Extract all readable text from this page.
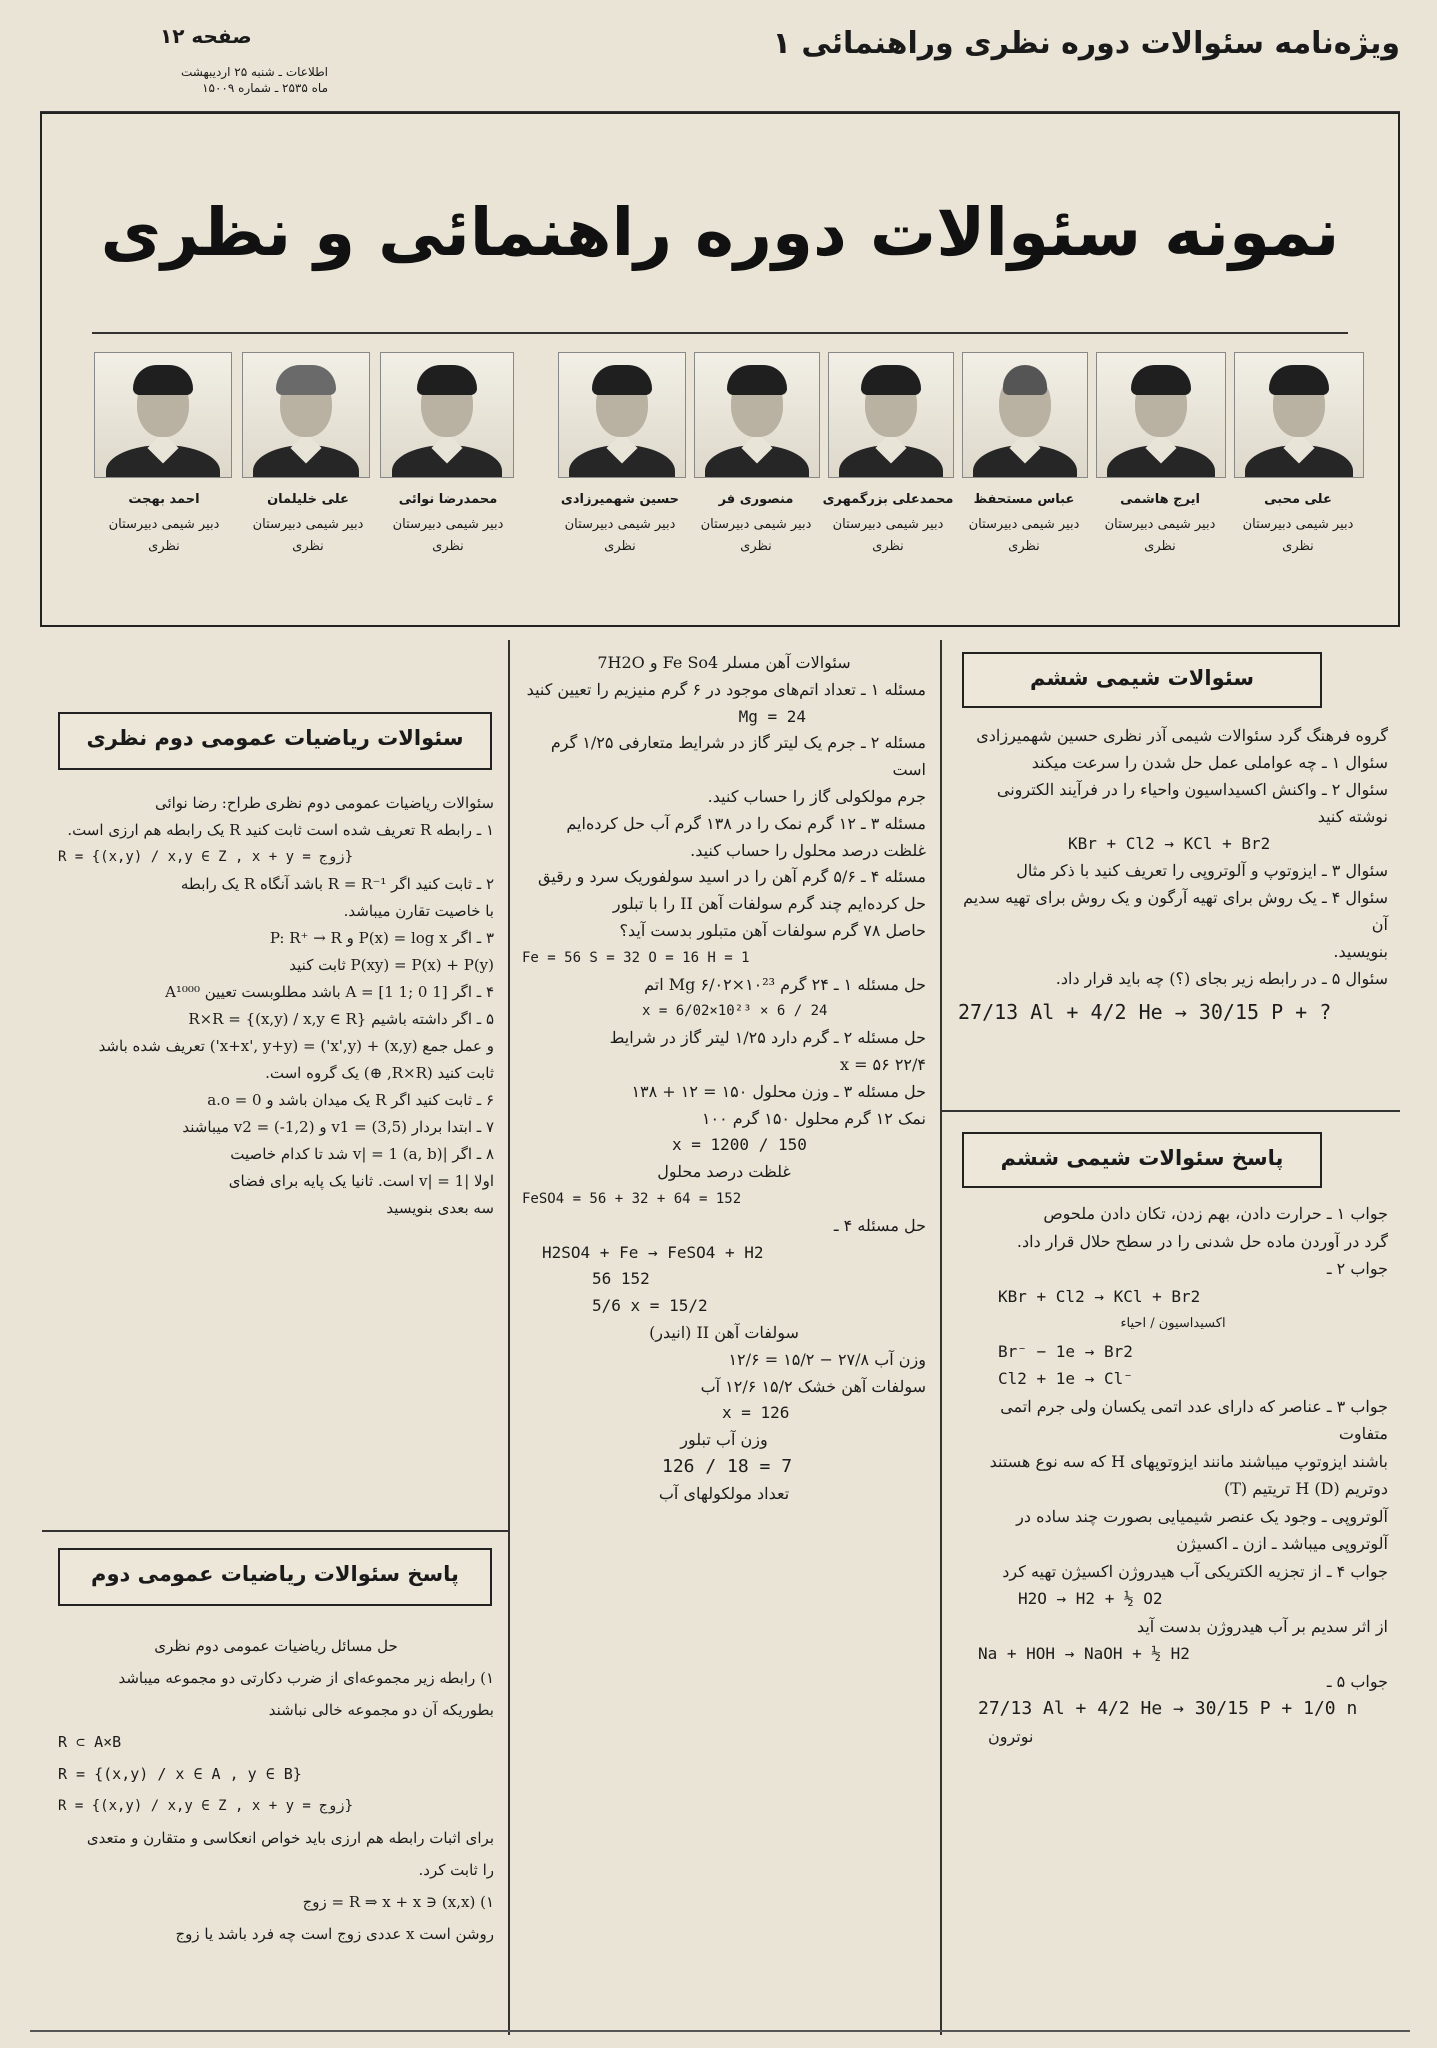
صفحه ۱۲
اطلاعات ـ شنبه ۲۵ اردیبهشت
ماه ۲۵۳۵ ـ شماره ۱۵۰۰۹
ویژه‌نامه سئوالات دوره نظری وراهنمائی ۱
نمونه سئوالات دوره راهنمائی و نظری
علی محبی
ایرج هاشمی
عباس مستحفظ
محمدعلی بزرگمهری
منصوری فر
حسین شهمیرزادی
محمدرضا نوائی
علی خلیلمان
احمد بهجت
دبیر شیمی دبیرستان
نظری
دبیر شیمی دبیرستان
نظری
دبیر شیمی دبیرستان
نظری
دبیر شیمی دبیرستان
نظری
دبیر شیمی دبیرستان
نظری
دبیر شیمی دبیرستان
نظری
دبیر شیمی دبیرستان
نظری
دبیر شیمی دبیرستان
نظری
دبیر شیمی دبیرستان
نظری
سئوالات شیمی ششم

گروه فرهنگ گرد سئوالات شیمی آذر نظری حسین شهمیرزادی

سئوال ۱ ـ چه عواملی عمل حل شدن را سرعت میکند

سئوال ۲ ـ واکنش اکسیداسیون واحیاء را در فرآیند الکترونی نوشته کنید

KBr + Cl2 → KCl + Br2

سئوال ۳ ـ ایزوتوپ و آلوتروپی را تعریف کنید با ذکر مثال

سئوال ۴ ـ یک روش برای تهیه آرگون و یک روش برای تهیه سدیم آن

بنویسید.

سئوال ۵ ـ در رابطه زیر بجای (؟) چه باید قرار داد.

27/13 Al + 4/2 He → 30/15 P + ?

پاسخ سئوالات شیمی ششم

جواب ۱ ـ حرارت دادن، بهم زدن، تکان دادن ملحوص

گرد در آوردن ماده حل شدنی را در سطح حلال قرار داد.

جواب ۲ ـ

KBr + Cl2 → KCl + Br2

اکسیداسیون / احیاء

Br⁻ − 1e → Br2

Cl2 + 1e → Cl⁻

جواب ۳ ـ عناصر که دارای عدد اتمی یکسان ولی جرم اتمی متفاوت

باشند ایزوتوپ میباشند مانند ایزوتوپهای H که سه نوع هستند

دوتریم (D) H تریتیم (T)

آلوتروپی ـ وجود یک عنصر شیمیایی بصورت چند ساده در

آلوتروپی میباشد ـ ازن ـ اکسیژن

جواب ۴ ـ از تجزیه الکتریکی آب هیدروژن اکسیژن تهیه کرد

H2O → H2 + ½ O2

از اثر سدیم بر آب هیدروژن بدست آید

Na + HOH → NaOH + ½ H2

جواب ۵ ـ

27/13 Al + 4/2 He → 30/15 P + 1/0 n

نوترون

سئوالات آهن مسلر Fe So4 و 7H2O

مسئله ۱ ـ تعداد اتم‌های موجود در ۶ گرم منیزیم را تعیین کنید

Mg = 24

مسئله ۲ ـ جرم یک لیتر گاز در شرایط متعارفی ۱/۲۵ گرم است

جرم مولکولی گاز را حساب کنید.

مسئله ۳ ـ ۱۲ گرم نمک را در ۱۳۸ گرم آب حل کرده‌ایم

غلظت درصد محلول را حساب کنید.

مسئله ۴ ـ ۵/۶ گرم آهن را در اسید سولفوریک سرد و رقیق

حل کرده‌ایم چند گرم سولفات آهن II را با تبلور

حاصل ۷۸ گرم سولفات آهن متبلور بدست آید؟

Fe = 56 S = 32 O = 16 H = 1

حل مسئله ۱ ـ ۲۴ گرم Mg ۶/۰۲×۱۰²³ اتم

x = 6/02×10²³ × 6 / 24

حل مسئله ۲ ـ گرم دارد ۱/۲۵ لیتر گاز در شرایط

x = ۵۶ ۲۲/۴

حل مسئله ۳ ـ وزن محلول ۱۵۰ = ۱۲ + ۱۳۸

نمک ۱۲ گرم محلول ۱۵۰ گرم ۱۰۰

x = 1200 / 150

غلظت درصد محلول

FeSO4 = 56 + 32 + 64 = 152

حل مسئله ۴ ـ

H2SO4 + Fe → FeSO4 + H2

56 152

5/6 x = 15/2

سولفات آهن II (انیدر)

وزن آب ۲۷/۸ − ۱۵/۲ = ۱۲/۶

سولفات آهن خشک ۱۵/۲ ۱۲/۶ آب

x = 126

وزن آب تبلور

126 / 18 = 7

تعداد مولکولهای آب

سئوالات ریاضیات عمومی دوم نظری

سئوالات ریاضیات عمومی دوم نظری طراح: رضا نوائی

۱ ـ رابطه R تعریف شده است ثابت کنید R یک رابطه هم ارزی است.

R = {(x,y) / x,y ∈ Z , x + y = زوج}

۲ ـ ثابت کنید اگر R = R⁻¹ باشد آنگاه R یک رابطه

با خاصیت تقارن میباشد.

۳ ـ اگر P(x) = log x و P: R⁺ → R

P(xy) = P(x) + P(y) ثابت کنید

۴ ـ اگر A = [1 1; 0 1] باشد مطلوبست تعیین A¹⁰⁰⁰

۵ ـ اگر داشته باشیم R×R = {(x,y) / x,y ∈ R}

و عمل جمع (x,y) + (x',y') = (x+x', y+y') تعریف شده باشد

ثابت کنید (R×R, ⊕) یک گروه است.

۶ ـ ثابت کنید اگر R یک میدان باشد و a.o = 0

۷ ـ ابتدا بردار v1 = (3,5) و v2 = (-1,2) میباشند

۸ ـ اگر |v| = 1 (a, b) شد تا کدام خاصیت

اولا |v| = 1 است. ثانیا یک پایه برای فضای

سه بعدی بنویسید

پاسخ سئوالات ریاضیات عمومی دوم

حل مسائل ریاضیات عمومی دوم نظری

۱) رابطه زیر مجموعه‌ای از ضرب دکارتی دو مجموعه میباشد

بطوریکه آن دو مجموعه خالی نباشند

R ⊂ A×B

R = {(x,y) / x ∈ A , y ∈ B}

R = {(x,y) / x,y ∈ Z , x + y = زوج}

برای اثبات رابطه هم ارزی باید خواص انعکاسی و متقارن و متعدی

را ثابت کرد.

۱) (x,x) ∈ R ⇒ x + x = زوج

روشن است x عددی زوج است چه فرد باشد یا زوج
